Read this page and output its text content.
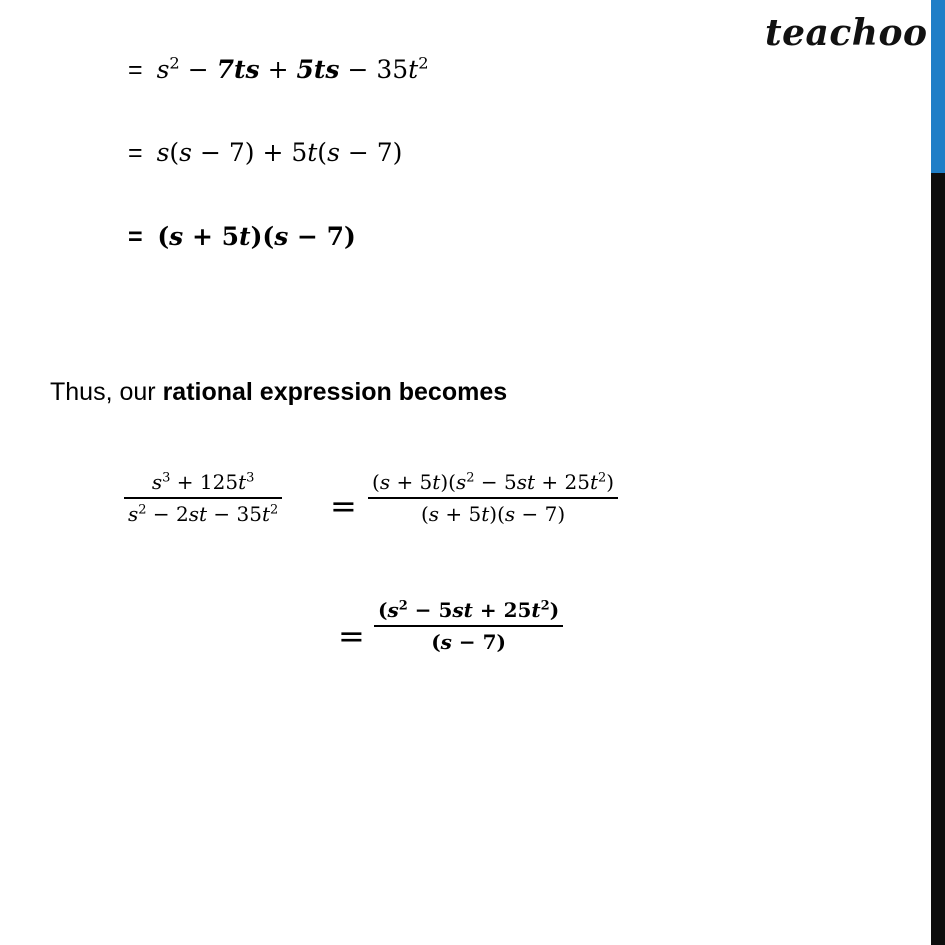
teachoo
= $s^2 - 7ts + 5ts - 35t^2$
= s(s − 7) + 5t(s − 7)
= (s + 5t)(s − 7)
Thus, our rational expression becomes
$s^3 + 125t^3$
$s^2 - 2st - 35t^2$ =
$(s + 5t)(s^2 - 5st + 25t^2)$
(s + 5t)(s − 7)
=
$(s^2 - 5st + 25t^2)$
(s − 7)
